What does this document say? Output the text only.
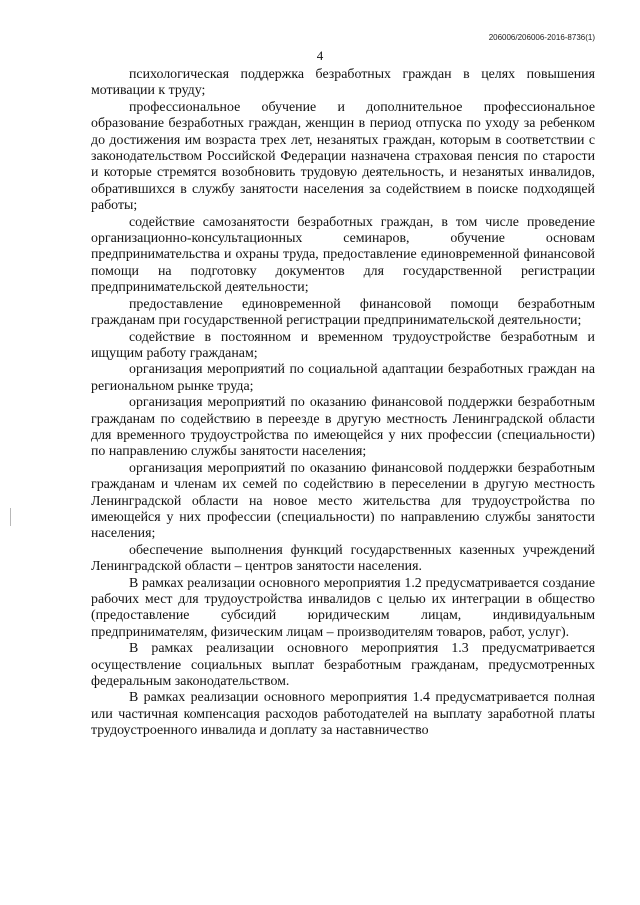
206006/206006-2016-8736(1)
4

психологическая поддержка безработных граждан в целях повышения мотивации к труду;

профессиональное обучение и дополнительное профессиональное образование безработных граждан, женщин в период отпуска по уходу за ребенком до достижения им возраста трех лет, незанятых граждан, которым в соответствии с законодательством Российской Федерации назначена страховая пенсия по старости и которые стремятся возобновить трудовую деятельность, и незанятых инвалидов, обратившихся в службу занятости населения за содействием в поиске подходящей работы;

содействие самозанятости безработных граждан, в том числе проведение организационно-консультационных семинаров, обучение основам предпринимательства и охраны труда, предоставление единовременной финансовой помощи на подготовку документов для государственной регистрации предпринимательской деятельности;

предоставление единовременной финансовой помощи безработным гражданам при государственной регистрации предпринимательской деятельности;

содействие в постоянном и временном трудоустройстве безработным и ищущим работу гражданам;

организация мероприятий по социальной адаптации безработных граждан на региональном рынке труда;

организация мероприятий по оказанию финансовой поддержки безработным гражданам по содействию в переезде в другую местность Ленинградской области для временного трудоустройства по имеющейся у них профессии (специальности) по направлению службы занятости населения;

организация мероприятий по оказанию финансовой поддержки безработным гражданам и членам их семей по содействию в переселении в другую местность Ленинградской области на новое место жительства для трудоустройства по имеющейся у них профессии (специальности) по направлению службы занятости населения;

обеспечение выполнения функций государственных казенных учреждений Ленинградской области – центров занятости населения.

В рамках реализации основного мероприятия 1.2 предусматривается создание рабочих мест для трудоустройства инвалидов с целью их интеграции в общество (предоставление субсидий юридическим лицам, индивидуальным предпринимателям, физическим лицам – производителям товаров, работ, услуг).

В рамках реализации основного мероприятия 1.3 предусматривается осуществление социальных выплат безработным гражданам, предусмотренных федеральным законодательством.

В рамках реализации основного мероприятия 1.4 предусматривается полная или частичная компенсация расходов работодателей на выплату заработной платы трудоустроенного инвалида и доплату за наставничество
